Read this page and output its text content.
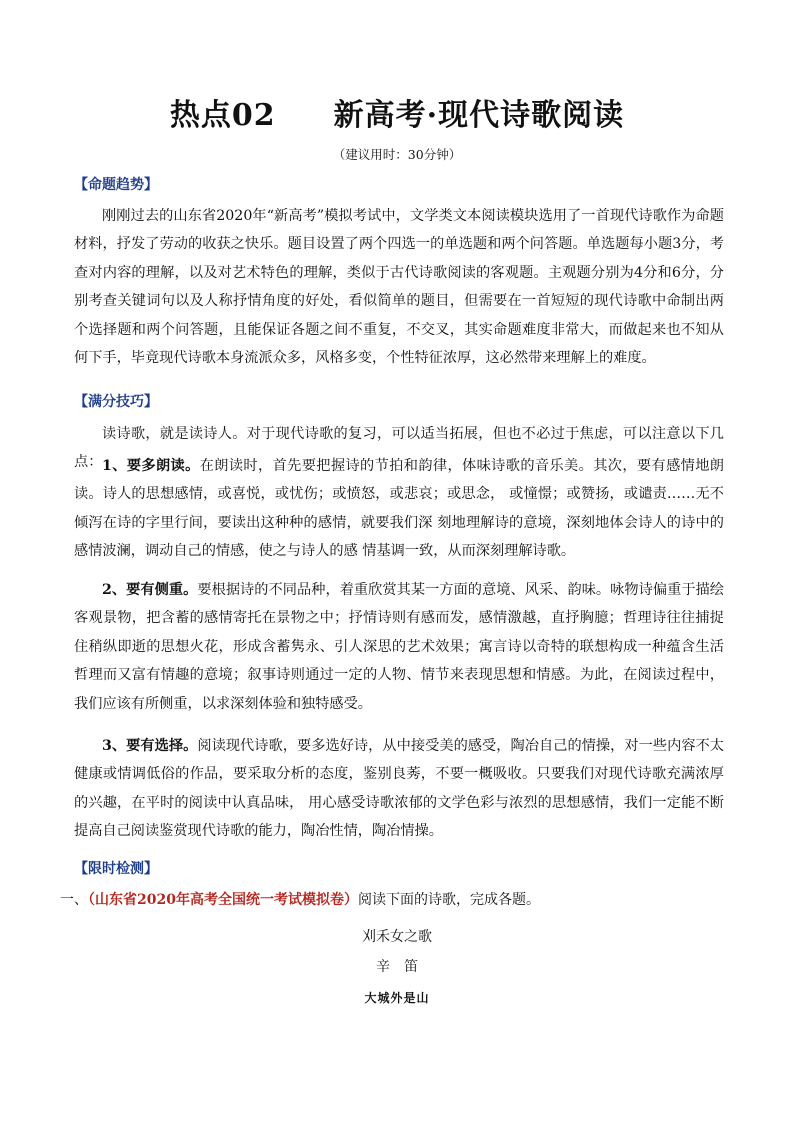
热点02 新高考·现代诗歌阅读
（建议用时：30分钟）
【命题趋势】

刚刚过去的山东省2020年“新高考”模拟考试中，文学类文本阅读模块选用了一首现代诗歌作为命题材料，抒发了劳动的收获之快乐。题目设置了两个四选一的单选题和两个问答题。单选题每小题3分，考查对内容的理解，以及对艺术特色的理解，类似于古代诗歌阅读的客观题。主观题分别为4分和6分，分别考查关键词句以及人称抒情角度的好处，看似简单的题目，但需要在一首短短的现代诗歌中命制出两个选择题和两个问答题，且能保证各题之间不重复，不交叉，其实命题难度非常大，而做起来也不知从何下手，毕竟现代诗歌本身流派众多，风格多变，个性特征浓厚，这必然带来理解上的难度。

【满分技巧】

读诗歌，就是读诗人。对于现代诗歌的复习，可以适当拓展，但也不必过于焦虑，可以注意以下几点： 1、要多朗读。在朗读时，首先要把握诗的节拍和韵律，体味诗歌的音乐美。其次，要有感情地朗读。诗人的思想感情，或喜悦，或忧伤；或愤怒，或悲哀；或思念， 或憧憬；或赞扬，或谴责……无不倾泻在诗的字里行间，要读出这种种的感情，就要我们深 刻地理解诗的意境，深刻地体会诗人的诗中的感情波澜，调动自己的情感，使之与诗人的感 情基调一致，从而深刻理解诗歌。

2、要有侧重。要根据诗的不同品种，着重欣赏其某一方面的意境、风采、韵味。咏物诗偏重于描绘客观景物，把含蓄的感情寄托在景物之中；抒情诗则有感而发，感情激越，直抒胸臆；哲理诗往往捕捉住稍纵即逝的思想火花，形成含蓄隽永、引人深思的艺术效果；寓言诗以奇特的联想构成一种蕴含生活哲理而又富有情趣的意境；叙事诗则通过一定的人物、情节来表现思想和情感。为此，在阅读过程中，我们应该有所侧重，以求深刻体验和独特感受。

3、要有选择。阅读现代诗歌，要多选好诗，从中接受美的感受，陶冶自己的情操，对一些内容不太健康或情调低俗的作品，要采取分析的态度，鉴别良莠，不要一概吸收。只要我们对现代诗歌充满浓厚的兴趣，在平时的阅读中认真品味， 用心感受诗歌浓郁的文学色彩与浓烈的思想感情，我们一定能不断提高自己阅读鉴赏现代诗歌的能力，陶冶性情，陶冶情操。

【限时检测】
一、（山东省2020年高考全国统一考试模拟卷）阅读下面的诗歌，完成各题。
刈禾女之歌
辛笛
大城外是山
